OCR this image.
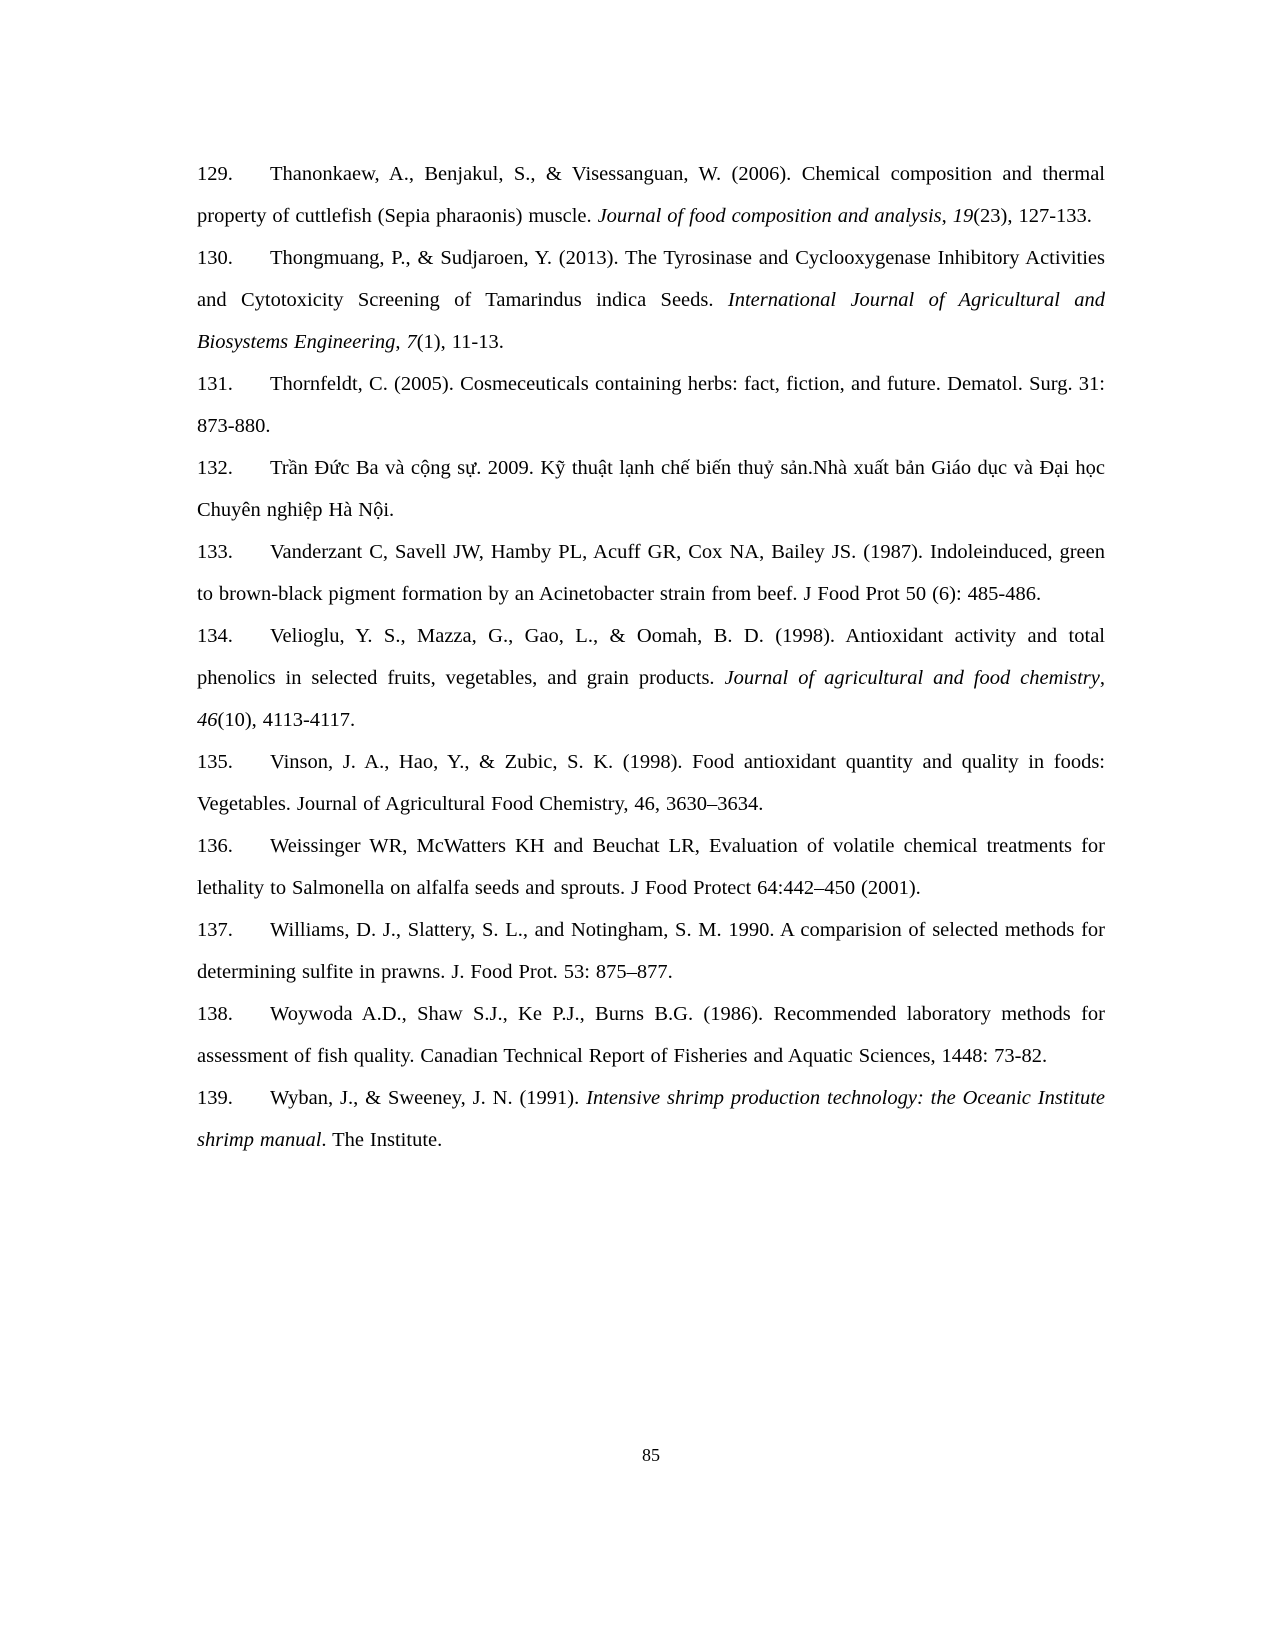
129. Thanonkaew, A., Benjakul, S., & Visessanguan, W. (2006). Chemical composition and thermal property of cuttlefish (Sepia pharaonis) muscle. Journal of food composition and analysis, 19(23), 127-133.

130. Thongmuang, P., & Sudjaroen, Y. (2013). The Tyrosinase and Cyclooxygenase Inhibitory Activities and Cytotoxicity Screening of Tamarindus indica Seeds. International Journal of Agricultural and Biosystems Engineering, 7(1), 11-13.

131. Thornfeldt, C. (2005). Cosmeceuticals containing herbs: fact, fiction, and future. Dematol. Surg. 31: 873-880.

132. Trần Đức Ba và cộng sự. 2009. Kỹ thuật lạnh chế biến thuỷ sản.Nhà xuất bản Giáo dục và Đại học Chuyên nghiệp Hà Nội.

133. Vanderzant C, Savell JW, Hamby PL, Acuff GR, Cox NA, Bailey JS. (1987). Indoleinduced, green to brown-black pigment formation by an Acinetobacter strain from beef. J Food Prot 50 (6): 485-486.

134. Velioglu, Y. S., Mazza, G., Gao, L., & Oomah, B. D. (1998). Antioxidant activity and total phenolics in selected fruits, vegetables, and grain products. Journal of agricultural and food chemistry, 46(10), 4113-4117.

135. Vinson, J. A., Hao, Y., & Zubic, S. K. (1998). Food antioxidant quantity and quality in foods: Vegetables. Journal of Agricultural Food Chemistry, 46, 3630–3634.

136. Weissinger WR, McWatters KH and Beuchat LR, Evaluation of volatile chemical treatments for lethality to Salmonella on alfalfa seeds and sprouts. J Food Protect 64:442–450 (2001).

137. Williams, D. J., Slattery, S. L., and Notingham, S. M. 1990. A comparision of selected methods for determining sulfite in prawns. J. Food Prot. 53: 875–877.

138. Woywoda A.D., Shaw S.J., Ke P.J., Burns B.G. (1986). Recommended laboratory methods for assessment of fish quality. Canadian Technical Report of Fisheries and Aquatic Sciences, 1448: 73-82.

139. Wyban, J., & Sweeney, J. N. (1991). Intensive shrimp production technology: the Oceanic Institute shrimp manual. The Institute.

85
